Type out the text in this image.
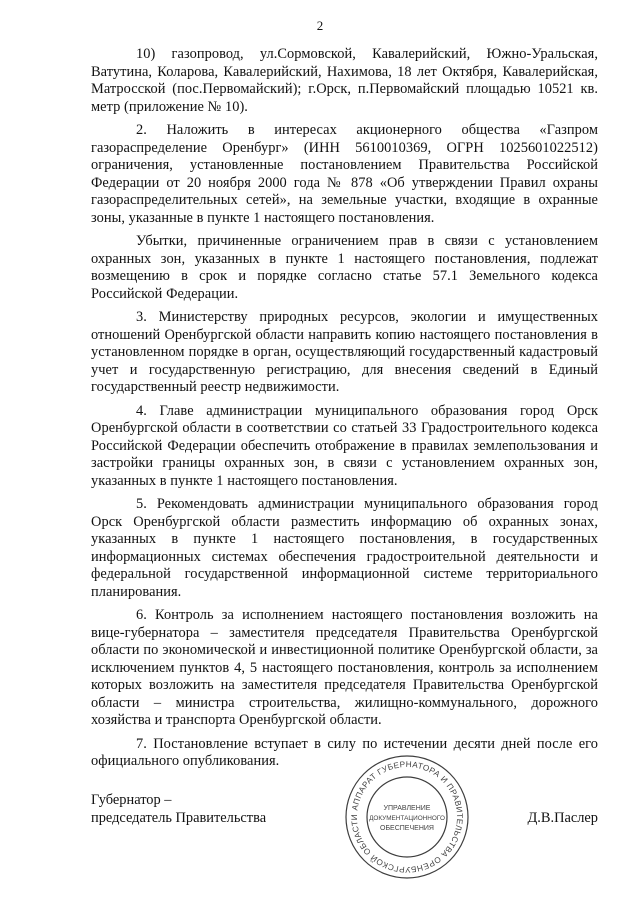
2

10) газопровод, ул.Сормовской, Кавалерийский, Южно-Уральская, Ватутина, Коларова, Кавалерийский, Нахимова, 18 лет Октября, Кавалерийская, Матросской (пос.Первомайский); г.Орск, п.Первомайский площадью 10521 кв. метр (приложение № 10).

2. Наложить в интересах акционерного общества «Газпром газораспределение Оренбург» (ИНН 5610010369, ОГРН 1025601022512) ограничения, установленные постановлением Правительства Российской Федерации от 20 ноября 2000 года № 878 «Об утверждении Правил охраны газораспределительных сетей», на земельные участки, входящие в охранные зоны, указанные в пункте 1 настоящего постановления.

Убытки, причиненные ограничением прав в связи с установлением охранных зон, указанных в пункте 1 настоящего постановления, подлежат возмещению в срок и порядке согласно статье 57.1 Земельного кодекса Российской Федерации.

3. Министерству природных ресурсов, экологии и имущественных отношений Оренбургской области направить копию настоящего постановления в установленном порядке в орган, осуществляющий государственный кадастровый учет и государственную регистрацию, для внесения сведений в Единый государственный реестр недвижимости.

4. Главе администрации муниципального образования город Орск Оренбургской области в соответствии со статьей 33 Градостроительного кодекса Российской Федерации обеспечить отображение в правилах землепользования и застройки границы охранных зон, в связи с установлением охранных зон, указанных в пункте 1 настоящего постановления.

5. Рекомендовать администрации муниципального образования город Орск Оренбургской области разместить информацию об охранных зонах, указанных в пункте 1 настоящего постановления, в государственных информационных системах обеспечения градостроительной деятельности и федеральной государственной информационной системе территориального планирования.

6. Контроль за исполнением настоящего постановления возложить на вице-губернатора – заместителя председателя Правительства Оренбургской области по экономической и инвестиционной политике Оренбургской области, за исключением пунктов 4, 5 настоящего постановления, контроль за исполнением которых возложить на заместителя председателя Правительства Оренбургской области – министра строительства, жилищно-коммунального, дорожного хозяйства и транспорта Оренбургской области.

7. Постановление вступает в силу по истечении десяти дней после его официального опубликования.

Губернатор –
председатель Правительства	Д.В.Паслер
АППАРАТ ГУБЕРНАТОРА И ПРАВИТЕЛЬСТВА ОРЕНБУРГСКОЙ ОБЛАСТИ
УПРАВЛЕНИЕ
ДОКУМЕНТАЦИОННОГО
ОБЕСПЕЧЕНИЯ
